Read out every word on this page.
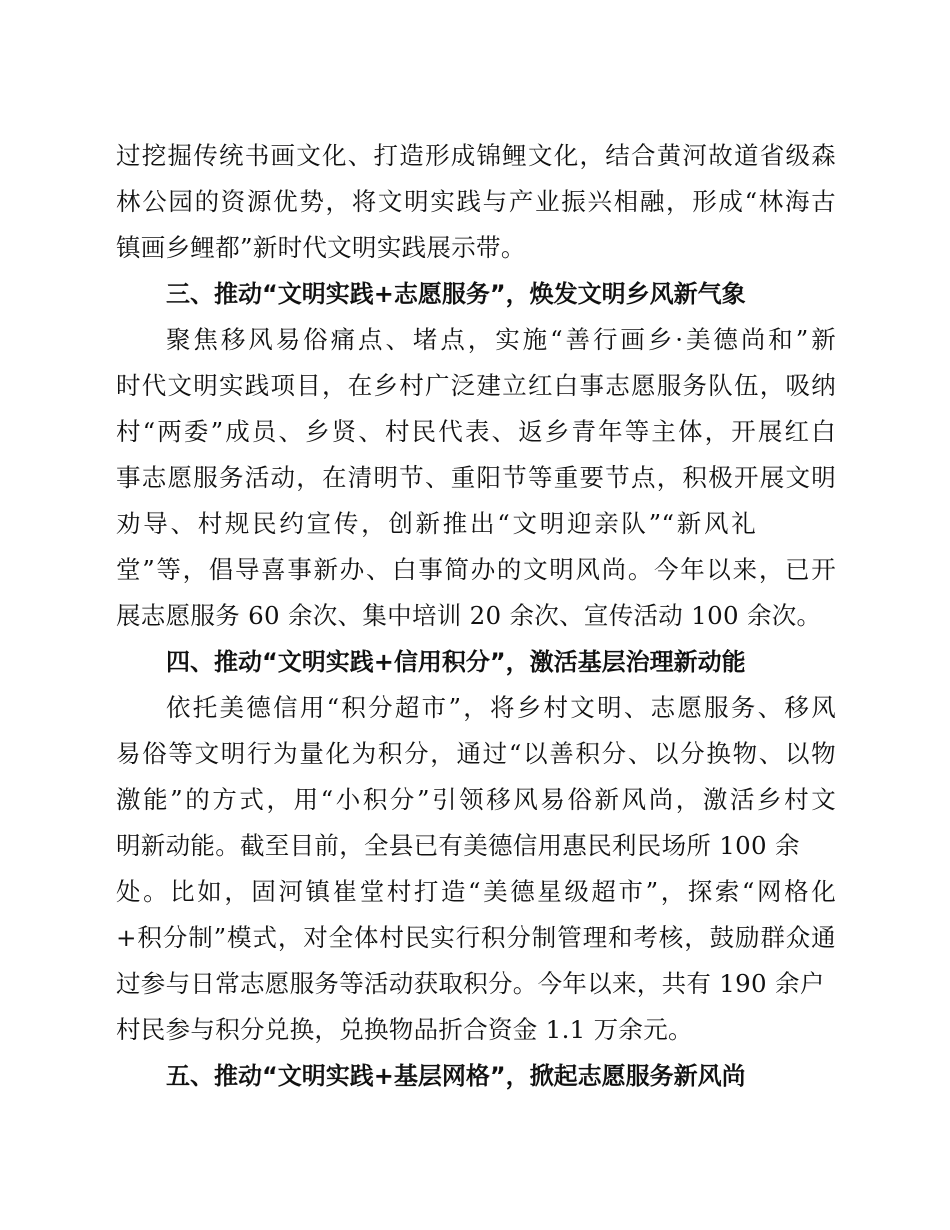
过挖掘传统书画文化、打造形成锦鲤文化，结合黄河故道省级森
林公园的资源优势，将文明实践与产业振兴相融，形成“林海古
镇画乡鲤都”新时代文明实践展示带。
三、推动“文明实践+志愿服务”，焕发文明乡风新气象
聚焦移风易俗痛点、堵点，实施“善行画乡·美德尚和”新
时代文明实践项目，在乡村广泛建立红白事志愿服务队伍，吸纳
村“两委”成员、乡贤、村民代表、返乡青年等主体，开展红白
事志愿服务活动，在清明节、重阳节等重要节点，积极开展文明
劝导、村规民约宣传，创新推出“文明迎亲队”“新风礼
堂”等，倡导喜事新办、白事简办的文明风尚。今年以来，已开
展志愿服务 60 余次、集中培训 20 余次、宣传活动 100 余次。
四、推动“文明实践+信用积分”，激活基层治理新动能
依托美德信用“积分超市”，将乡村文明、志愿服务、移风
易俗等文明行为量化为积分，通过“以善积分、以分换物、以物
激能”的方式，用“小积分”引领移风易俗新风尚，激活乡村文
明新动能。截至目前，全县已有美德信用惠民利民场所 100 余
处。比如，固河镇崔堂村打造“美德星级超市”，探索“网格化
+积分制”模式，对全体村民实行积分制管理和考核，鼓励群众通
过参与日常志愿服务等活动获取积分。今年以来，共有 190 余户
村民参与积分兑换，兑换物品折合资金 1.1 万余元。
五、推动“文明实践+基层网格”，掀起志愿服务新风尚
